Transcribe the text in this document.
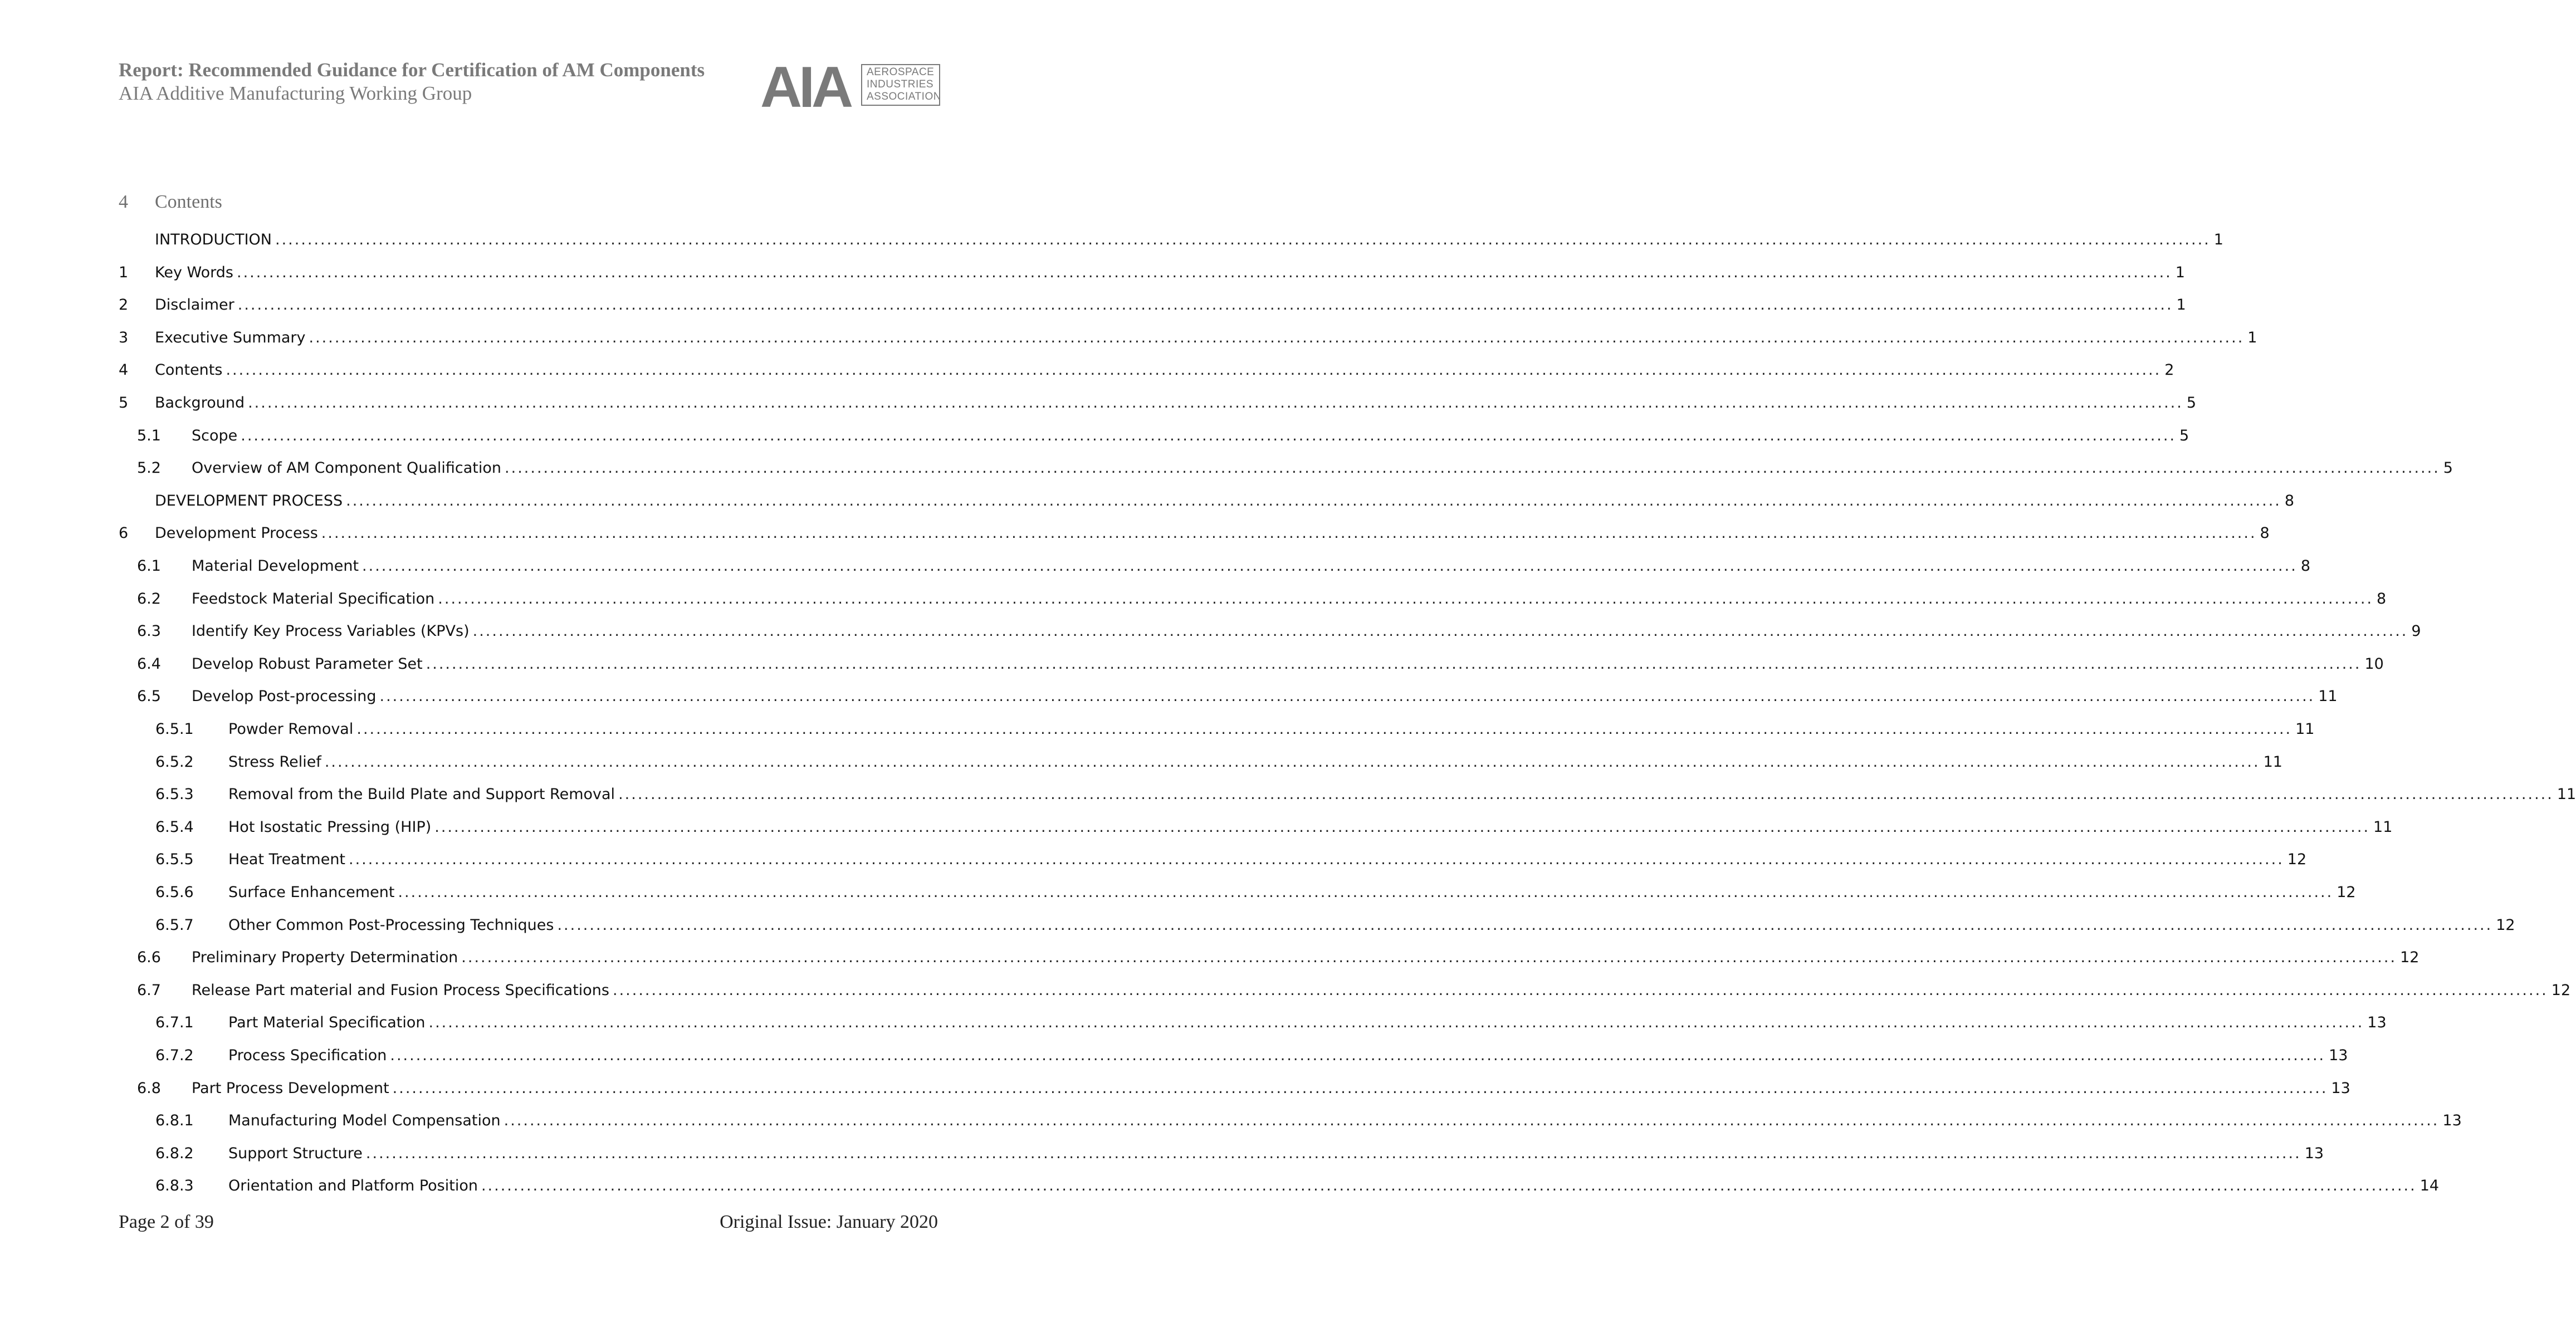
Report: Recommended Guidance for Certification of AM Components
AIA Additive Manufacturing Working Group	AIA AEROSPACE
INDUSTRIES
ASSOCIATION
4 Contents
INTRODUCTION ............................................................................................................................................................................................................................................................................................................ 1
1	Key Words ............................................................................................................................................................................................................................................................................................................ 1
2	Disclaimer ............................................................................................................................................................................................................................................................................................................ 1
3	Executive Summary ............................................................................................................................................................................................................................................................................................................ 1
4	Contents ............................................................................................................................................................................................................................................................................................................ 2
5	Background ............................................................................................................................................................................................................................................................................................................ 5
5.1	Scope ............................................................................................................................................................................................................................................................................................................ 5
5.2	Overview of AM Component Qualification ............................................................................................................................................................................................................................................................................................................ 5
DEVELOPMENT PROCESS ............................................................................................................................................................................................................................................................................................................ 8
6	Development Process ............................................................................................................................................................................................................................................................................................................ 8
6.1	Material Development ............................................................................................................................................................................................................................................................................................................ 8
6.2	Feedstock Material Specification ............................................................................................................................................................................................................................................................................................................ 8
6.3	Identify Key Process Variables (KPVs) ............................................................................................................................................................................................................................................................................................................ 9
6.4	Develop Robust Parameter Set ............................................................................................................................................................................................................................................................................................................ 10
6.5	Develop Post-processing ............................................................................................................................................................................................................................................................................................................ 11
6.5.1	Powder Removal ............................................................................................................................................................................................................................................................................................................ 11
6.5.2	Stress Relief ............................................................................................................................................................................................................................................................................................................ 11
6.5.3	Removal from the Build Plate and Support Removal ............................................................................................................................................................................................................................................................................................................ 11
6.5.4	Hot Isostatic Pressing (HIP) ............................................................................................................................................................................................................................................................................................................ 11
6.5.5	Heat Treatment ............................................................................................................................................................................................................................................................................................................ 12
6.5.6	Surface Enhancement ............................................................................................................................................................................................................................................................................................................ 12
6.5.7	Other Common Post-Processing Techniques ............................................................................................................................................................................................................................................................................................................ 12
6.6	Preliminary Property Determination ............................................................................................................................................................................................................................................................................................................ 12
6.7	Release Part material and Fusion Process Specifications ............................................................................................................................................................................................................................................................................................................ 12
6.7.1	Part Material Specification ............................................................................................................................................................................................................................................................................................................ 13
6.7.2	Process Specification ............................................................................................................................................................................................................................................................................................................ 13
6.8	Part Process Development ............................................................................................................................................................................................................................................................................................................ 13
6.8.1	Manufacturing Model Compensation ............................................................................................................................................................................................................................................................................................................ 13
6.8.2	Support Structure ............................................................................................................................................................................................................................................................................................................ 13
6.8.3	Orientation and Platform Position ............................................................................................................................................................................................................................................................................................................ 14
Page 2 of 39	Original Issue: January 2020
